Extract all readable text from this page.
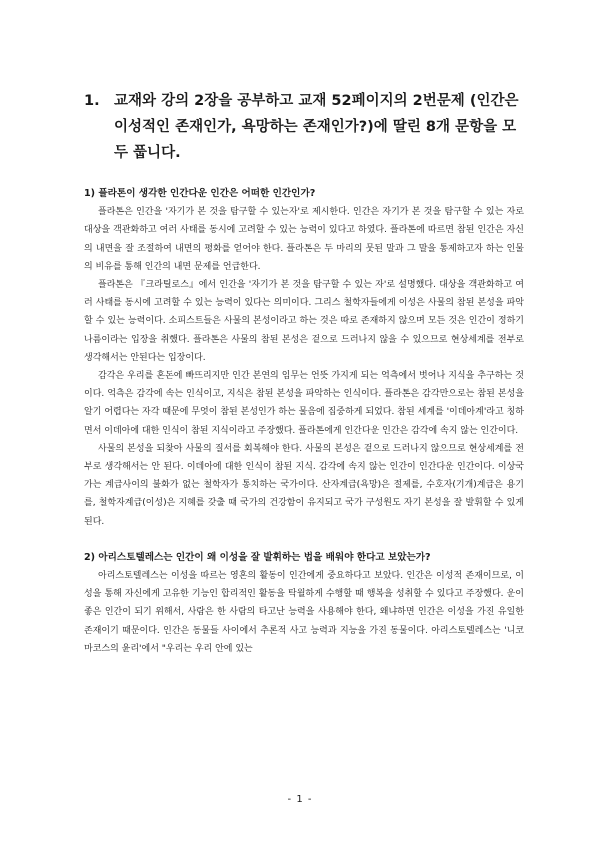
1. 교재와 강의 2장을 공부하고 교재 52페이지의 2번문제 (인간은 이성적인 존재인가, 욕망하는 존재인가?)에 딸린 8개 문항을 모두 풉니다.

1) 플라톤이 생각한 인간다운 인간은 어떠한 인간인가?

플라톤은 인간을 '자기가 본 것을 탐구할 수 있는자'로 제시한다. 인간은 자기가 본 것을 탐구할 수 있는 자로 대상을 객관화하고 여러 사태를 동시에 고려할 수 있는 능력이 있다고 하였다. 플라톤에 따르면 참된 인간은 자신의 내면을 잘 조절하여 내면의 평화를 얻어야 한다. 플라톤은 두 마리의 뭇된 말과 그 말을 통제하고자 하는 인물의 비유를 통해 인간의 내면 문제를 언급한다.

플라톤은 『크라틸로스』에서 인간을 '자기가 본 것을 탐구할 수 있는 자'로 설명했다. 대상을 객관화하고 여러 사태를 동시에 고려할 수 있는 능력이 있다는 의미이다. 그리스 철학자들에게 이성은 사물의 참된 본성을 파악할 수 있는 능력이다. 소피스트들은 사물의 본성이라고 하는 것은 따로 존재하지 않으며 모든 것은 인간이 정하기 나름이라는 입장을 취했다. 플라톤은 사물의 참된 본성은 겉으로 드러나지 않을 수 있으므로 현상세계를 전부로 생각해서는 안된다는 입장이다.

감각은 우리를 혼돈에 빠뜨리지만 인간 본연의 임무는 언뜻 가지게 되는 억측에서 벗어나 지식을 추구하는 것이다. 억측은 감각에 속는 인식이고, 지식은 참된 본성을 파악하는 인식이다. 플라톤은 감각만으로는 참된 본성을 알기 어렵다는 자각 때문에 무엇이 참된 본성인가 하는 물음에 집중하게 되었다. 참된 세계를 '이데아계'라고 칭하면서 이데아에 대한 인식이 참된 지식이라고 주장했다. 플라톤에게 인간다운 인간은 감각에 속지 않는 인간이다.

사물의 본성을 되찾아 사물의 질서를 회복해야 한다. 사물의 본성은 겉으로 드러나지 않으므로 현상세계를 전부로 생각해서는 안 된다. 이데아에 대한 인식이 참된 지식. 감각에 속지 않는 인간이 인간다운 인간이다. 이상국가는 계급사이의 불화가 없는 철학자가 통치하는 국가이다. 산자계급(욕망)은 절제를, 수호자(기개)계급은 용기를, 철학자계급(이성)은 지혜를 갖출 때 국가의 건강함이 유지되고 국가 구성원도 자기 본성을 잘 발휘할 수 있게 된다.

2) 아리스토텔레스는 인간이 왜 이성을 잘 발휘하는 법을 배워야 한다고 보았는가?

아리스토텔레스는 이성을 따르는 영혼의 활동이 인간에게 중요하다고 보았다. 인간은 이성적 존재이므로, 이성을 통해 자신에게 고유한 기능인 합리적인 활동을 탁월하게 수행할 때 행복을 성취할 수 있다고 주장했다. 운이 좋은 인간이 되기 위해서, 사람은 한 사람의 타고난 능력을 사용해야 한다, 왜냐하면 인간은 이성을 가진 유일한 존재이기 때문이다. 인간은 동물들 사이에서 추론적 사고 능력과 지능을 가진 동물이다. 아리스토텔레스는 '니코마코스의 윤리'에서 "우리는 우리 안에 있는

- 1 -
